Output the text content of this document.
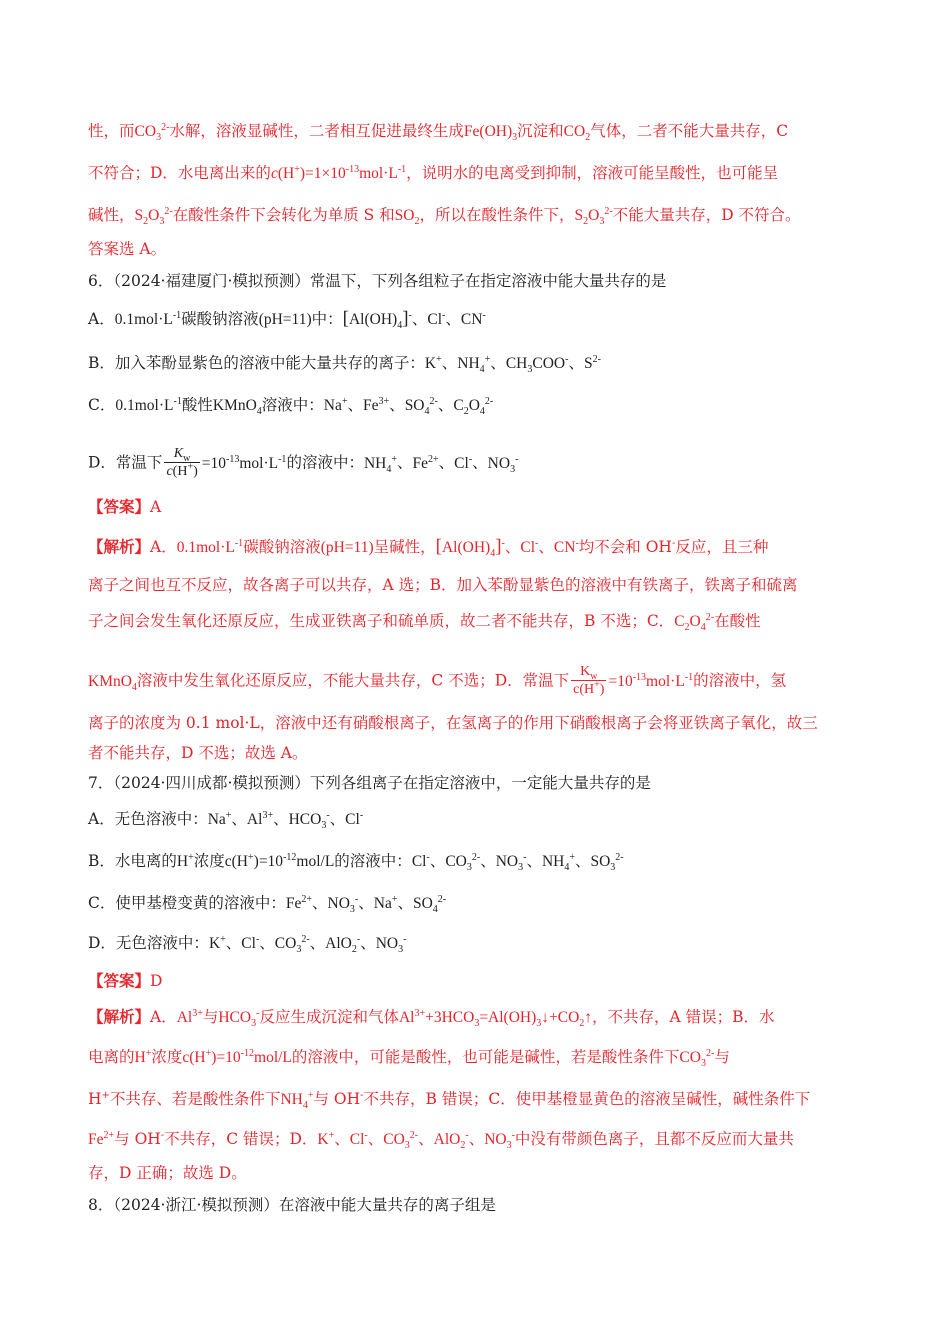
性，而$CO_3^{2-}$水解，溶液显碱性，二者相互促进最终生成$Fe(OH)_3$沉淀和$CO_2$气体，二者不能大量共存，C
不符合；D．水电离出来的$c(H^+)=1\times 10^{-13}mol\cdot L^{-1}$，说明水的电离受到抑制，溶液可能呈酸性，也可能呈
碱性，$S_2O_3^{2-}$在酸性条件下会转化为单质 S 和$SO_2$，所以在酸性条件下，$S_2O_3^{2-}$不能大量共存，D 不符合。
答案选 A。
6．（2024·福建厦门·模拟预测）常温下，下列各组粒子在指定溶液中能大量共存的是
A．$0.1mol\cdot L^{-1}$碳酸钠溶液(pH=11)中：$[Al(OH)_4]^-$、Cl-、CN-
B．加入苯酚显紫色的溶液中能大量共存的离子：K+、$NH_4^+$、$CH_3COO^-$、$S^{2-}$
C．$0.1mol\cdot L^{-1}$酸性KMnO$_4$溶液中：Na+、$Fe^{3+}$、$SO_4^{2-}$、$C_2O_4^{2-}$
D．常温下 $\frac{K_w}{c(H^+)} =10^{-13}mol\cdot L^{-1}$的溶液中：$NH_4^+$、$Fe^{2+}$、Cl-、$NO_3^-$
【答案】A
【解析】A．$0.1mol\cdot L^{-1}$碳酸钠溶液(pH=11)呈碱性，$[Al(OH)_4]^-$、Cl-、CN-均不会和 OH-反应，且三种
离子之间也互不反应，故各离子可以共存，A 选；B．加入苯酚显紫色的溶液中有铁离子，铁离子和硫离
子之间会发生氧化还原反应，生成亚铁离子和硫单质，故二者不能共存，B 不选；C．$C_2O_4^{2-}$在酸性
KMnO$_4$溶液中发生氧化还原反应，不能大量共存，C 不选；D．常温下 $\frac{K_w}{c(H^+)} =10^{-13}mol\cdot L^{-1}$的溶液中，氢
离子的浓度为 0.1 mol·L，溶液中还有硝酸根离子，在氢离子的作用下硝酸根离子会将亚铁离子氧化，故三
者不能共存，D 不选；故选 A。
7．（2024·四川成都·模拟预测）下列各组离子在指定溶液中，一定能大量共存的是
A．无色溶液中：Na+、$Al^{3+}$、$HCO_3^-$、Cl-
B．水电离的H+浓度$c(H^+)=10^{-12}mol/L$的溶液中：Cl-、$CO_3^{2-}$、$NO_3^-$、$NH_4^+$、$SO_3^{2-}$
C．使甲基橙变黄的溶液中：$Fe^{2+}$、$NO_3^-$、Na+、$SO_4^{2-}$
D．无色溶液中：K+、Cl-、$CO_3^{2-}$、AlO$_2$-、$NO_3^-$
【答案】D
【解析】A．$Al^{3+}$与$HCO_3^-$反应生成沉淀和气体$Al^{3+}+3HCO_3=Al(OH)_3↓+CO_2↑$，不共存，A 错误；B．水
电离的H+浓度$c(H^+)=10^{-12}mol/L$的溶液中，可能是酸性，也可能是碱性，若是酸性条件下$CO_3^{2-}$与
H+不共存、若是酸性条件下$NH_4^+$与 OH-不共存，B 错误；C．使甲基橙显黄色的溶液呈碱性，碱性条件下
$Fe^{2+}$与 OH-不共存，C 错误；D．K+、Cl-、$CO_3^{2-}$、AlO$_2$-、$NO_3^-$中没有带颜色离子，且都不反应而大量共
存，D 正确；故选 D。
8．（2024·浙江·模拟预测）在溶液中能大量共存的离子组是
